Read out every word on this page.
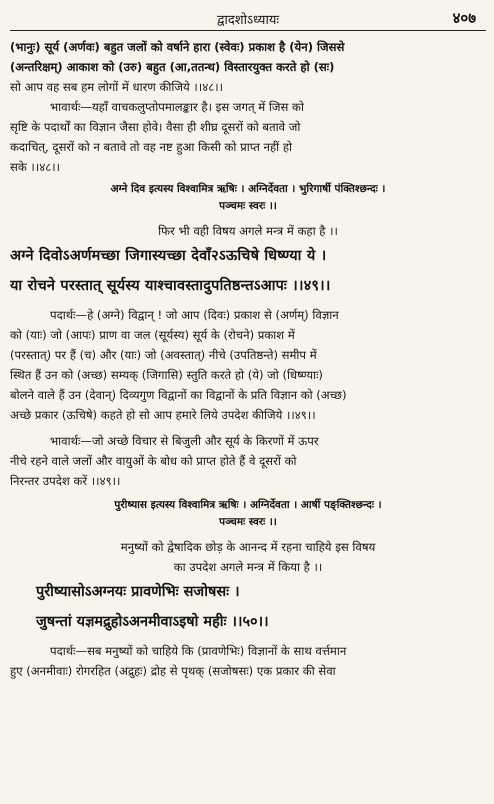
द्वादशोऽध्यायः	४०७

(भानुः) सूर्य (अर्णवः) बहुत जलों को वर्षाने हारा (स्वेवः) प्रकाश है (येन) जिससे

(अन्तरिक्षम्) आकाश को (उरु) बहुत (आ,ततन्थ) विस्तारयुक्त करते हो (सः)

सो आप वह सब हम लोगों में धारण कीजिये ।।४८।।

भावार्थः—यहाँ वाचकलुप्तोपमालङ्कार है। इस जगत् में जिस को

सृष्टि के पदार्थों का विज्ञान जैसा होवे। वैसा ही शीघ्र दूसरों को बतावे जो

कदाचित्, दूसरों को न बतावे तो वह नष्ट हुआ किसी को प्राप्त नहीं हो

सके ।।४८।।

अग्ने दिव इत्यस्य विश्वामित्र ऋषिः । अग्निर्देवता । भुरिगार्षी पंक्तिश्छन्दः ।

पञ्चमः स्वरः ।।

फिर भी वही विषय अगले मन्त्र में कहा है ।।

अग्ने दिवोऽअर्णमच्छा जिगास्यच्छा देवाँ२ऽऊचिषे धिष्ण्या ये ।

या रोचने परस्तात् सूर्यस्य याश्चावस्तादुपतिष्ठन्तऽआपः ।।४९।।

पदार्थः—हे (अग्ने) विद्वान् ! जो आप (दिवः) प्रकाश से (अर्णम्) विज्ञान

को (याः) जो (आपः) प्राण वा जल (सूर्यस्य) सूर्य के (रोचने) प्रकाश में

(परस्तात्) पर हैं (च) और (याः) जो (अवस्तात्) नीचे (उपतिष्ठन्ते) समीप में

स्थित हैं उन को (अच्छ) सम्यक् (जिगासि) स्तुति करते हो (ये) जो (धिष्ण्याः)

बोलने वाले हैं उन (देवान्) दिव्यगुण विद्वानों का विद्वानों के प्रति विज्ञान को (अच्छ)

अच्छे प्रकार (ऊचिषे) कहते हो सो आप हमारे लिये उपदेश कीजिये ।।४९।।

भावार्थः—जो अच्छे विचार से बिजुली और सूर्य के किरणों में ऊपर

नीचे रहने वाले जलों और वायुओं के बोध को प्राप्त होते हैं वे दूसरों को

निरन्तर उपदेश करें ।।४९।।

पुरीष्यास इत्यस्य विश्वामित्र ऋषिः । अग्निर्देवता । आर्षी पङ्क्तिश्छन्दः ।

पञ्चमः स्वरः ।।

मनुष्यों को द्वेषादिक छोड़ के आनन्द में रहना चाहिये इस विषय

का उपदेश अगले मन्त्र में किया है ।।

पुरीष्यासोऽअग्नयः प्रावणेभिः सजोषसः ।

जुषन्तां यज्ञमद्रुहोऽअनमीवाऽइषो महीः ।।५०।।

पदार्थः—सब मनुष्यों को चाहिये कि (प्रावणेभिः) विज्ञानों के साथ वर्त्तमान

हुए (अनमीवाः) रोगरहित (अद्रुहः) द्रोह से पृथक् (सजोषसः) एक प्रकार की सेवा
